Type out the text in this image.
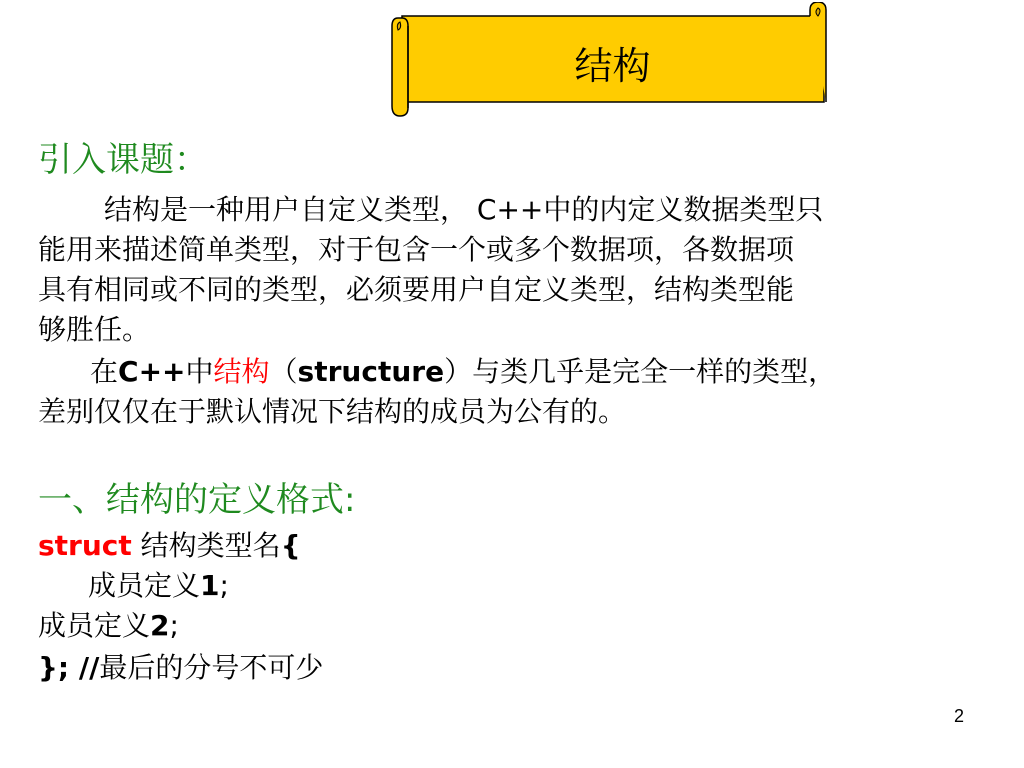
结构
引入课题：
结构是一种用户自定义类型， C++中的内定义数据类型只
能用来描述简单类型，对于包含一个或多个数据项，各数据项
具有相同或不同的类型，必须要用户自定义类型，结构类型能
够胜任。
在C++中结构（structure）与类几乎是完全一样的类型，
差别仅仅在于默认情况下结构的成员为公有的。
一、结构的定义格式:
struct 结构类型名{
成员定义1;
成员定义2;
}; //最后的分号不可少
2
